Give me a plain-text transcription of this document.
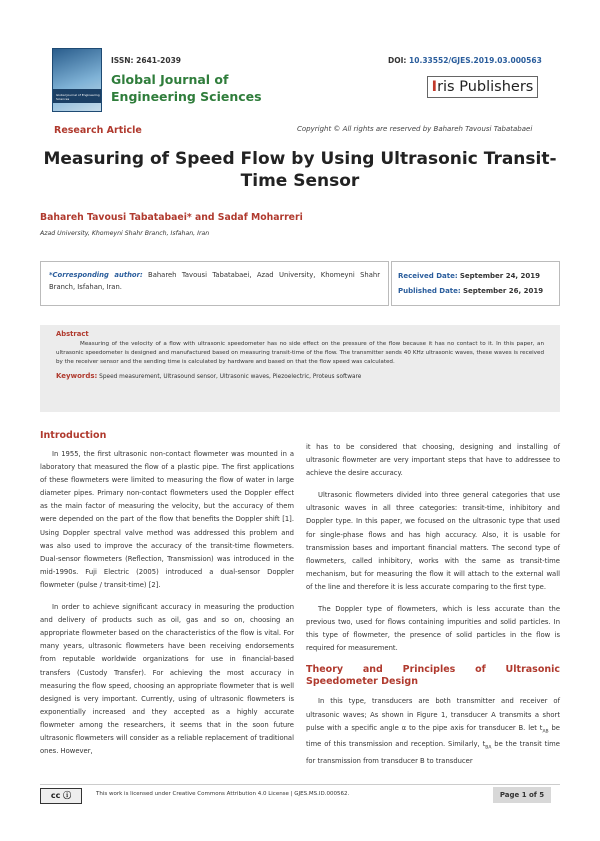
Global Journal of Engineering Sciences
ISSN: 2641-2039	DOI: 10.33552/GJES.2019.03.000563
Global Journal of
Engineering Sciences
Iris Publishers
Research Article	Copyright © All rights are reserved by Bahareh Tavousi Tabatabaei
Measuring of Speed Flow by Using Ultrasonic Transit-Time Sensor
Bahareh Tavousi Tabatabaei* and Sadaf Moharreri
Azad University, Khomeyni Shahr Branch, Isfahan, Iran
*Corresponding author: Bahareh Tavousi Tabatabaei, Azad University, Khomeyni Shahr Branch, Isfahan, Iran.
Received Date: September 24, 2019
Published Date: September 26, 2019
Abstract
Measuring of the velocity of a flow with ultrasonic speedometer has no side effect on the pressure of the flow because it has no contact to it. In this paper, an ultrasonic speedometer is designed and manufactured based on measuring transit-time of the flow. The transmitter sends 40 KHz ultrasonic waves, these waves is received by the receiver sensor and the sending time is calculated by hardware and based on that the flow speed was calculated.
Keywords: Speed measurement, Ultrasound sensor, Ultrasonic waves, Piezoelectric, Proteus software
Introduction

In 1955, the first ultrasonic non-contact flowmeter was mounted in a laboratory that measured the flow of a plastic pipe. The first applications of these flowmeters were limited to measuring the flow of water in large diameter pipes. Primary non-contact flowmeters used the Doppler effect as the main factor of measuring the velocity, but the accuracy of them were depended on the part of the flow that benefits the Doppler shift [1]. Using Doppler spectral valve method was addressed this problem and was also used to improve the accuracy of the transit-time flowmeters. Dual-sensor flowmeters (Reflection, Transmission) was introduced in the mid-1990s. Fuji Electric (2005) introduced a dual-sensor Doppler flowmeter (pulse / transit-time) [2].

In order to achieve significant accuracy in measuring the production and delivery of products such as oil, gas and so on, choosing an appropriate flowmeter based on the characteristics of the flow is vital. For many years, ultrasonic flowmeters have been receiving endorsements from reputable worldwide organizations for use in financial-based transfers (Custody Transfer). For achieving the most accuracy in measuring the flow speed, choosing an appropriate flowmeter that is well designed is very important. Currently, using of ultrasonic flowmeters is exponentially increased and they accepted as a highly accurate flowmeter among the researchers, it seems that in the soon future ultrasonic flowmeters will consider as a reliable replacement of traditional ones. However,

it has to be considered that choosing, designing and installing of ultrasonic flowmeter are very important steps that have to addressee to achieve the desire accuracy.

Ultrasonic flowmeters divided into three general categories that use ultrasonic waves in all three categories: transit-time, inhibitory and Doppler type. In this paper, we focused on the ultrasonic type that used for single-phase flows and has high accuracy. Also, it is usable for transmission bases and important financial matters. The second type of flowmeters, called inhibitory, works with the same as transit-time mechanism, but for measuring the flow it will attach to the external wall of the line and therefore it is less accurate comparing to the first type.

The Doppler type of flowmeters, which is less accurate than the previous two, used for flows containing impurities and solid particles. In this type of flowmeter, the presence of solid particles in the flow is required for measurement.

Theory and Principles of Ultrasonic Speedometer Design

In this type, transducers are both transmitter and receiver of ultrasonic waves; As shown in Figure 1, transducer A transmits a short pulse with a specific angle α to the pipe axis for transducer B. let $t_{AB}$ be time of this transmission and reception. Similarly, $t_{BA}$ be the transit time for transmission from transducer B to transducer

cc ⓘ	This work is licensed under Creative Commons Attribution 4.0 License | GJES.MS.ID.000562.	Page 1 of 5
